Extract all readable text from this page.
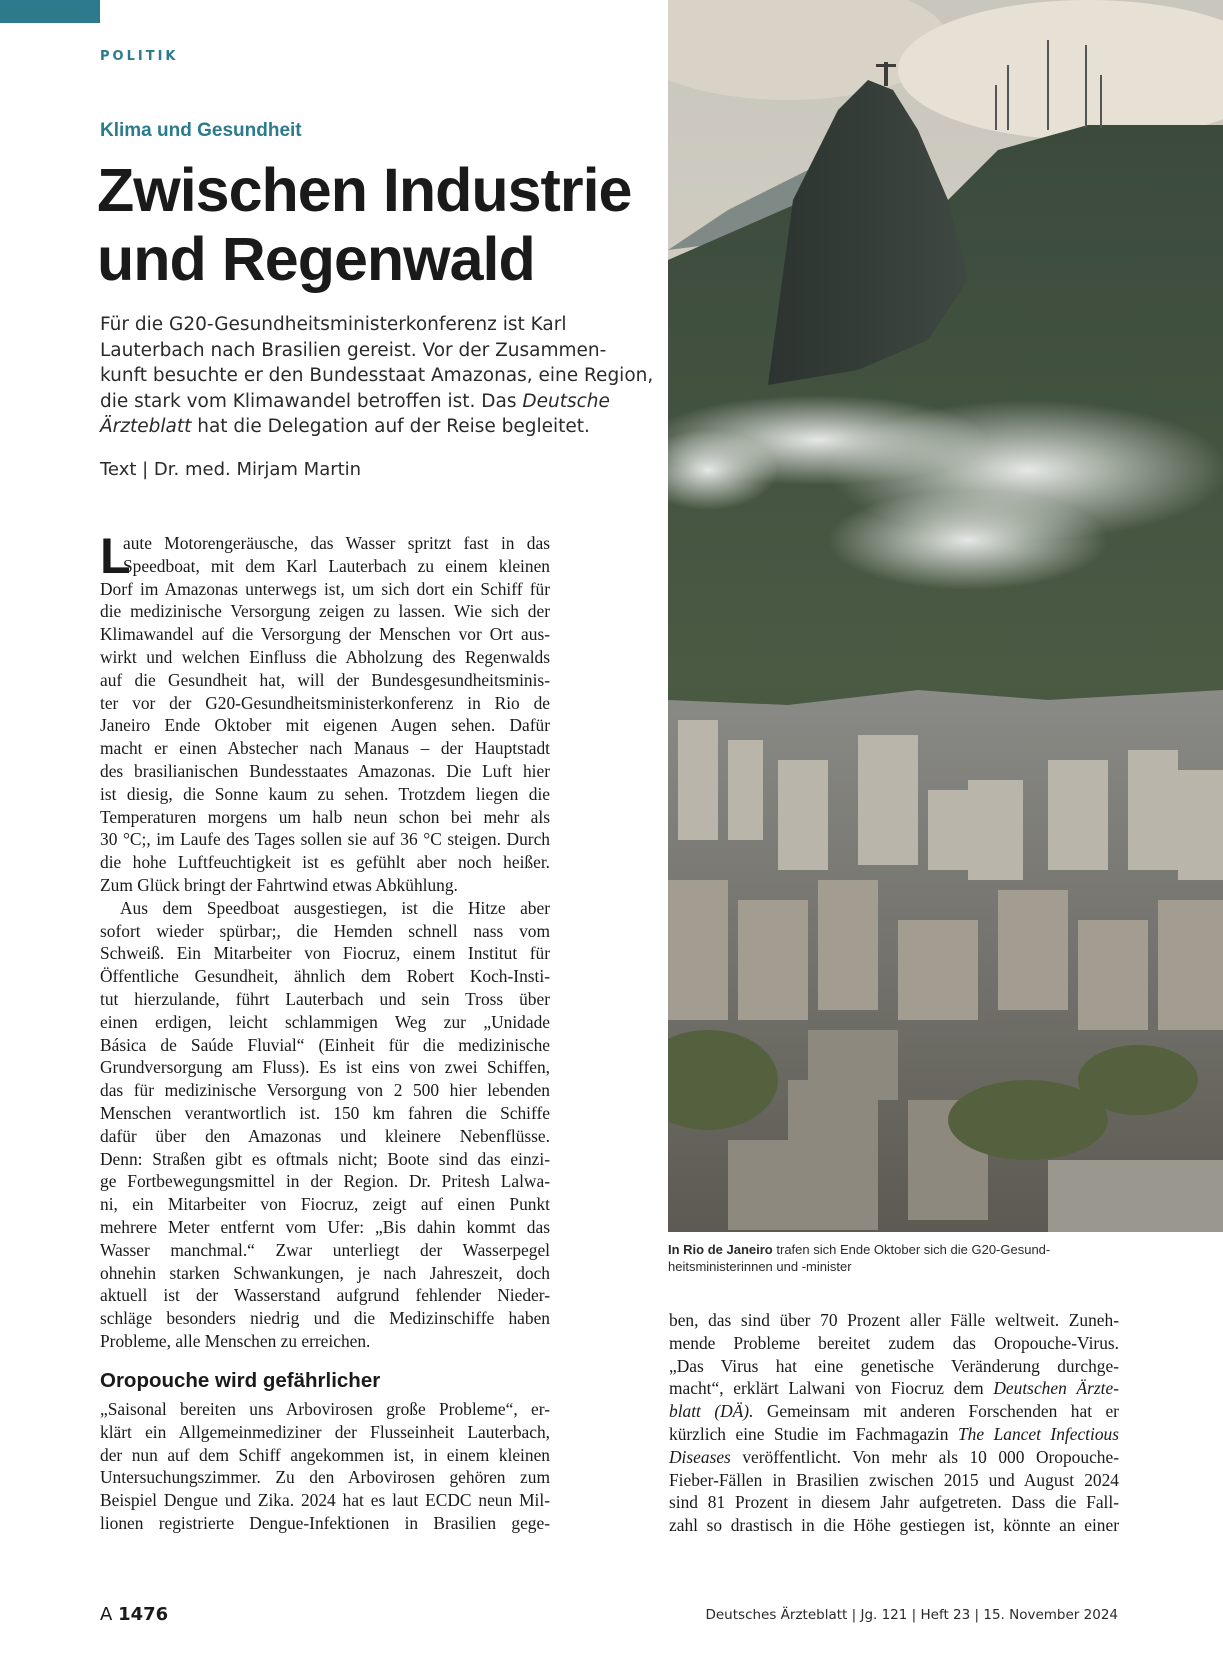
POLITIK
Klima und Gesundheit
Zwischen Industrie
und Regenwald
Für die G20-Gesundheitsministerkonferenz ist Karl
Lauterbach nach Brasilien gereist. Vor der Zusammen-
kunft besuchte er den Bundesstaat Amazonas, eine Region,
die stark vom Klimawandel betroffen ist. Das Deutsche
Ärzteblatt hat die Delegation auf der Reise begleitet.
Text | Dr. med. Mirjam Martin
L
aute Motorengeräusche, das Wasser spritzt fast in das
Speedboat, mit dem Karl Lauterbach zu einem kleinen
Dorf im Amazonas unterwegs ist, um sich dort ein Schiff für
die medizinische Versorgung zeigen zu lassen. Wie sich der
Klimawandel auf die Versorgung der Menschen vor Ort aus-
wirkt und welchen Einfluss die Abholzung des Regenwalds
auf die Gesundheit hat, will der Bundesgesundheitsminis-
ter vor der G20-Gesundheitsministerkonferenz in Rio de
Janeiro Ende Oktober mit eigenen Augen sehen. Dafür
macht er einen Abstecher nach Manaus – der Hauptstadt
des brasilianischen Bundesstaates Amazonas. Die Luft hier
ist diesig, die Sonne kaum zu sehen. Trotzdem liegen die
Temperaturen morgens um halb neun schon bei mehr als
30 °C;, im Laufe des Tages sollen sie auf 36 °C steigen. Durch
die hohe Luftfeuchtigkeit ist es gefühlt aber noch heißer.
Zum Glück bringt der Fahrtwind etwas Abkühlung.
Aus dem Speedboat ausgestiegen, ist die Hitze aber
sofort wieder spürbar;, die Hemden schnell nass vom
Schweiß. Ein Mitarbeiter von Fiocruz, einem Institut für
Öffentliche Gesundheit, ähnlich dem Robert Koch-Insti-
tut hierzulande, führt Lauterbach und sein Tross über
einen erdigen, leicht schlammigen Weg zur „Unidade
Básica de Saúde Fluvial“ (Einheit für die medizinische
Grundversorgung am Fluss). Es ist eins von zwei Schiffen,
das für medizinische Versorgung von 2 500 hier lebenden
Menschen verantwortlich ist. 150 km fahren die Schiffe
dafür über den Amazonas und kleinere Nebenflüsse.
Denn: Straßen gibt es oftmals nicht; Boote sind das einzi-
ge Fortbewegungsmittel in der Region. Dr. Pritesh Lalwa-
ni, ein Mitarbeiter von Fiocruz, zeigt auf einen Punkt
mehrere Meter entfernt vom Ufer: „Bis dahin kommt das
Wasser manchmal.“ Zwar unterliegt der Wasserpegel
ohnehin starken Schwankungen, je nach Jahreszeit, doch
aktuell ist der Wasserstand aufgrund fehlender Nieder-
schläge besonders niedrig und die Medizinschiffe haben
Probleme, alle Menschen zu erreichen.
Oropouche wird gefährlicher
„Saisonal bereiten uns Arbovirosen große Probleme“, er-
klärt ein Allgemeinmediziner der Flusseinheit Lauterbach,
der nun auf dem Schiff angekommen ist, in einem kleinen
Untersuchungszimmer. Zu den Arbovirosen gehören zum
Beispiel Dengue und Zika. 2024 hat es laut ECDC neun Mil-
lionen registrierte Dengue-Infektionen in Brasilien gege-
In Rio de Janeiro trafen sich Ende Oktober sich die G20-Gesund-
heitsministerinnen und -minister
ben, das sind über 70 Prozent aller Fälle weltweit. Zuneh-
mende Probleme bereitet zudem das Oropouche-Virus.
„Das Virus hat eine genetische Veränderung durchge-
macht“, erklärt Lalwani von Fiocruz dem Deutschen Ärzte-
blatt (DÄ). Gemeinsam mit anderen Forschenden hat er
kürzlich eine Studie im Fachmagazin The Lancet Infectious
Diseases veröffentlicht. Von mehr als 10 000 Oropouche-
Fieber-Fällen in Brasilien zwischen 2015 und August 2024
sind 81 Prozent in diesem Jahr aufgetreten. Dass die Fall-
zahl so drastisch in die Höhe gestiegen ist, könnte an einer
A 1476	Deutsches Ärzteblatt | Jg. 121 | Heft 23 | 15. November 2024
